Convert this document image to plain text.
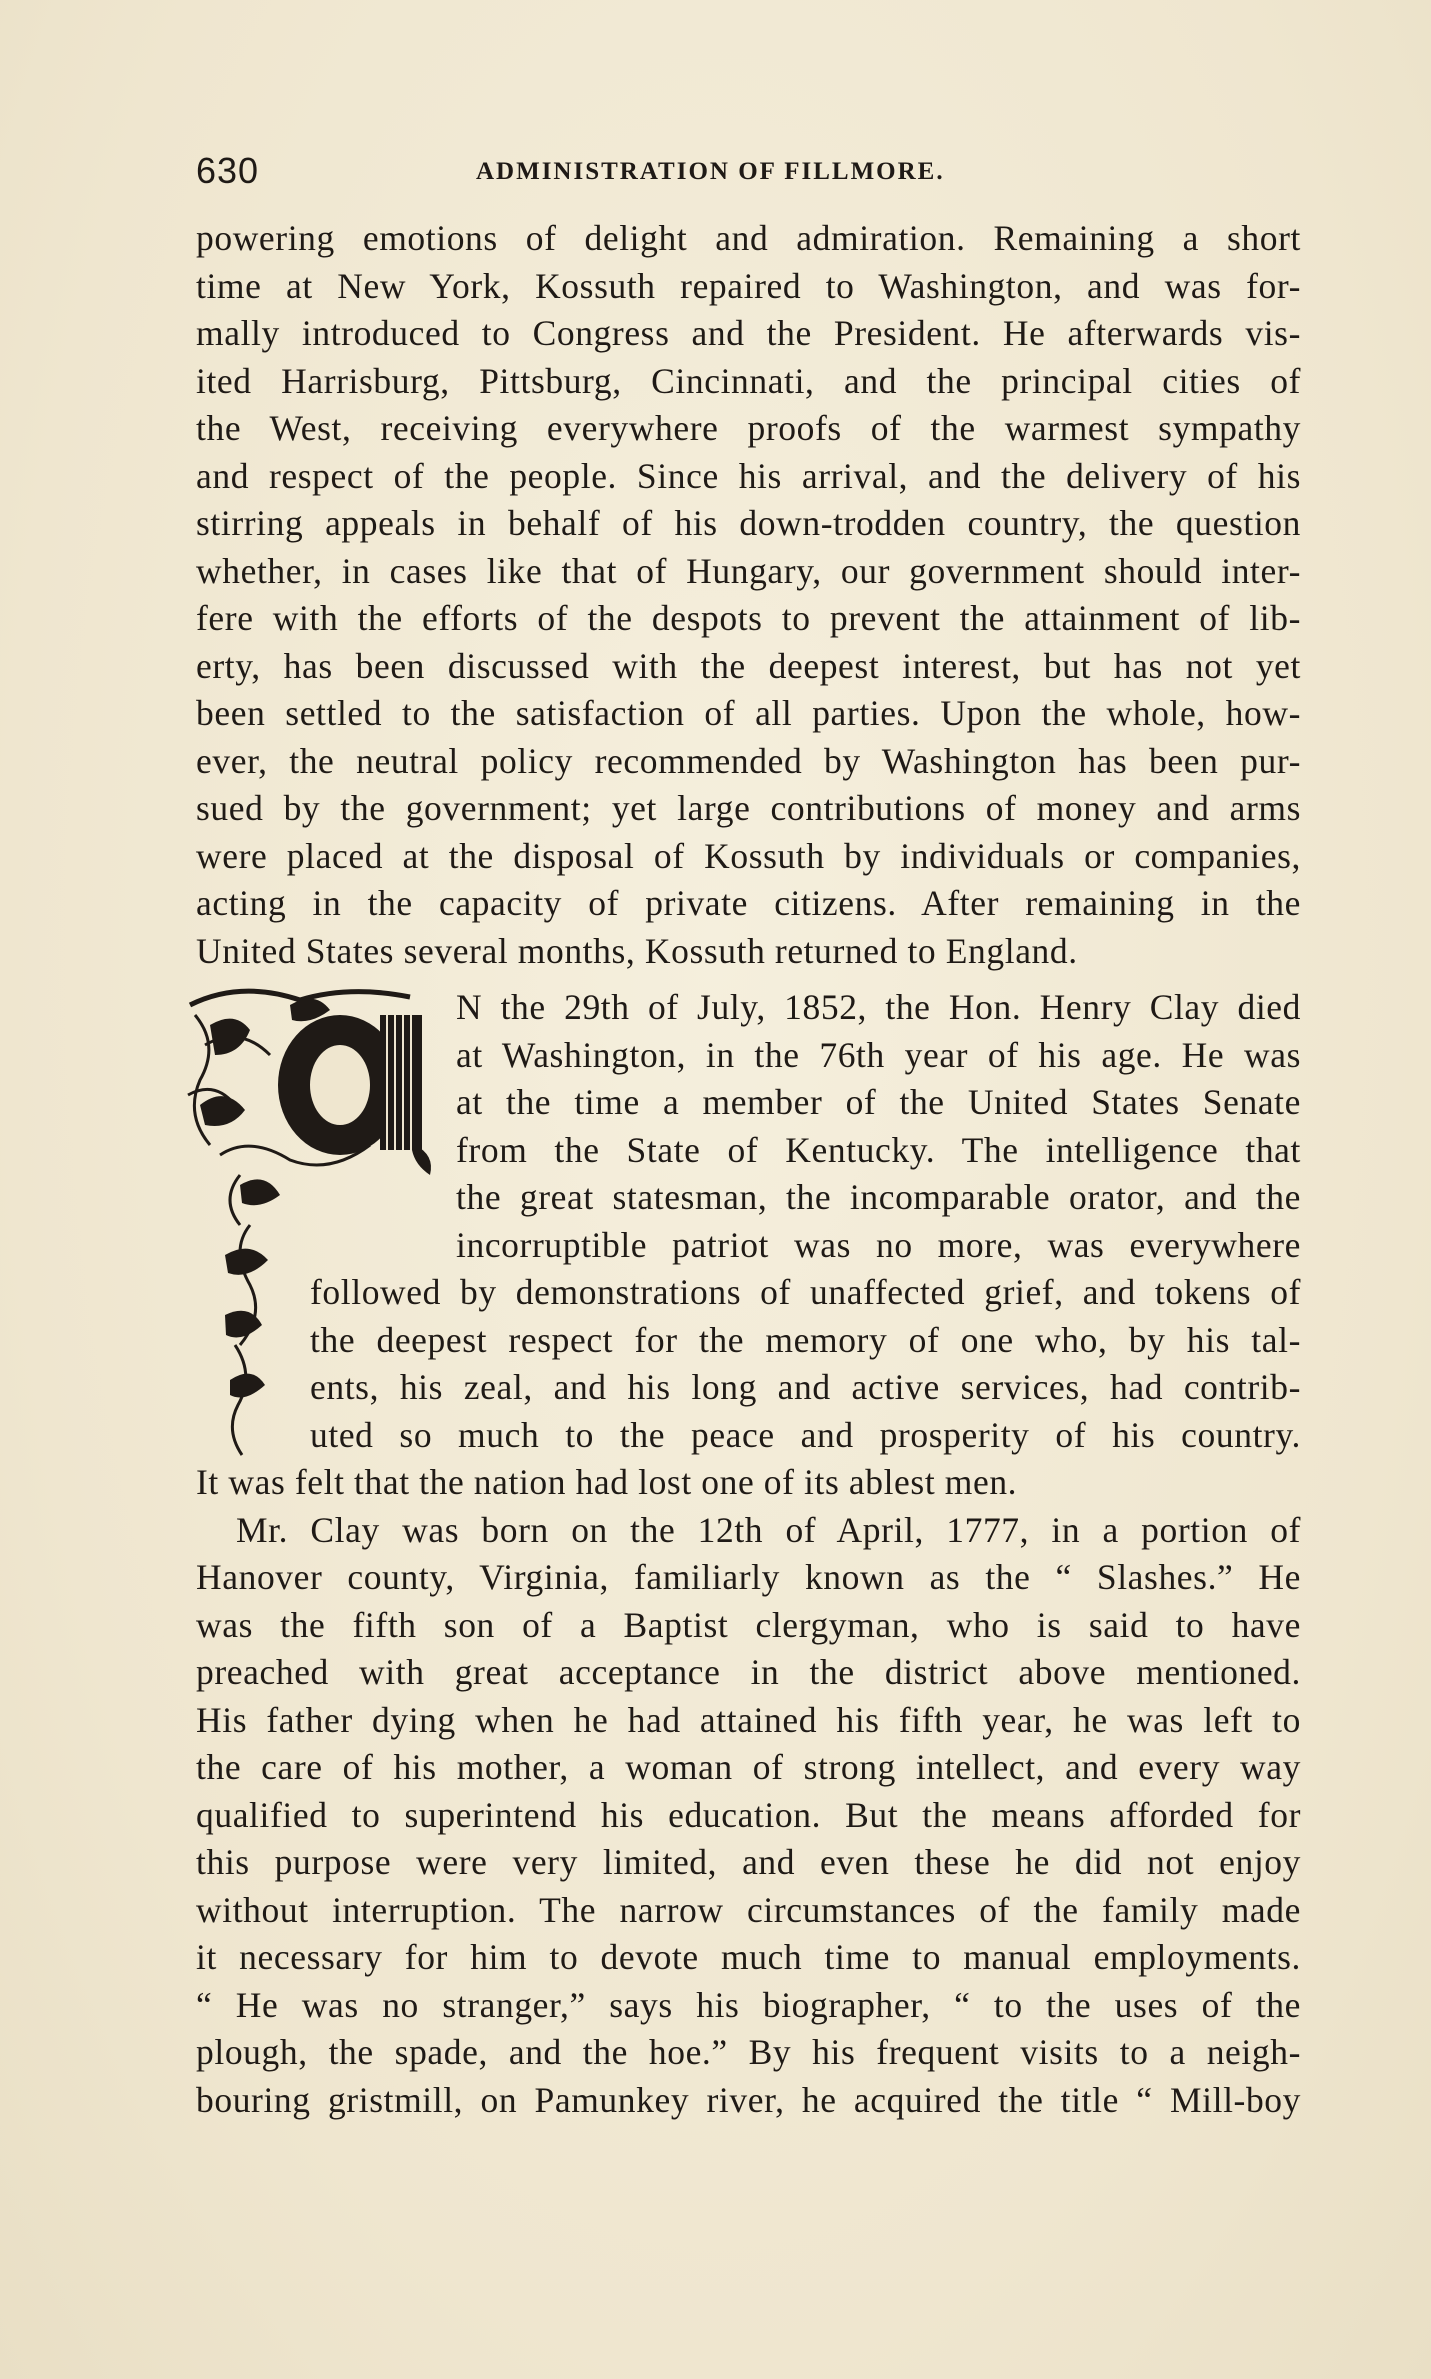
630	ADMINISTRATION OF FILLMORE.
powering emotions of delight and admiration. Remaining a short
time at New York, Kossuth repaired to Washington, and was for-
mally introduced to Congress and the President. He afterwards vis-
ited Harrisburg, Pittsburg, Cincinnati, and the principal cities of
the West, receiving everywhere proofs of the warmest sympathy
and respect of the people. Since his arrival, and the delivery of his
stirring appeals in behalf of his down-trodden country, the question
whether, in cases like that of Hungary, our government should inter-
fere with the efforts of the despots to prevent the attainment of lib-
erty, has been discussed with the deepest interest, but has not yet
been settled to the satisfaction of all parties. Upon the whole, how-
ever, the neutral policy recommended by Washington has been pur-
sued by the government; yet large contributions of money and arms
were placed at the disposal of Kossuth by individuals or companies,
acting in the capacity of private citizens. After remaining in the
United States several months, Kossuth returned to England.
N the 29th of July, 1852, the Hon. Henry Clay died
at Washington, in the 76th year of his age. He was
at the time a member of the United States Senate
from the State of Kentucky. The intelligence that
the great statesman, the incomparable orator, and the
incorruptible patriot was no more, was everywhere
followed by demonstrations of unaffected grief, and tokens of
the deepest respect for the memory of one who, by his tal-
ents, his zeal, and his long and active services, had contrib-
uted so much to the peace and prosperity of his country.
It was felt that the nation had lost one of its ablest men.
Mr. Clay was born on the 12th of April, 1777, in a portion of
Hanover county, Virginia, familiarly known as the “ Slashes.” He
was the fifth son of a Baptist clergyman, who is said to have
preached with great acceptance in the district above mentioned.
His father dying when he had attained his fifth year, he was left to
the care of his mother, a woman of strong intellect, and every way
qualified to superintend his education. But the means afforded for
this purpose were very limited, and even these he did not enjoy
without interruption. The narrow circumstances of the family made
it necessary for him to devote much time to manual employments.
“ He was no stranger,” says his biographer, “ to the uses of the
plough, the spade, and the hoe.” By his frequent visits to a neigh-
bouring gristmill, on Pamunkey river, he acquired the title “ Mill-boy
